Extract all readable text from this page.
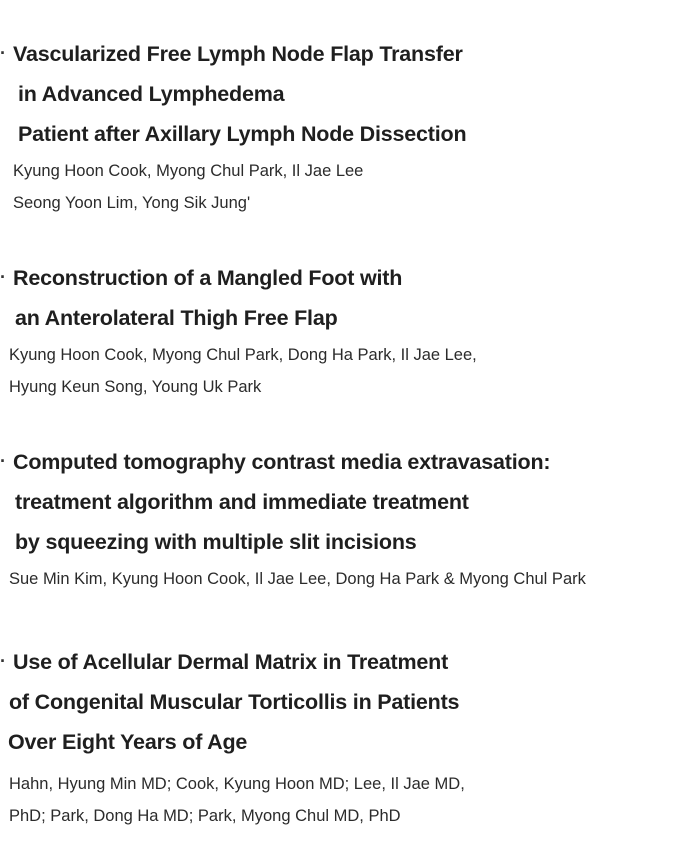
· Vascularized Free Lymph Node Flap Transfer
in Advanced Lymphedema
Patient after Axillary Lymph Node Dissection
Kyung Hoon Cook, Myong Chul Park, Il Jae Lee
Seong Yoon Lim, Yong Sik Jung'
· Reconstruction of a Mangled Foot with
an Anterolateral Thigh Free Flap
Kyung Hoon Cook, Myong Chul Park, Dong Ha Park, Il Jae Lee,
Hyung Keun Song, Young Uk Park
· Computed tomography contrast media extravasation:
treatment algorithm and immediate treatment
by squeezing with multiple slit incisions
Sue Min Kim, Kyung Hoon Cook, Il Jae Lee, Dong Ha Park & Myong Chul Park
· Use of Acellular Dermal Matrix in Treatment
of Congenital Muscular Torticollis in Patients
Over Eight Years of Age
Hahn, Hyung Min MD; Cook, Kyung Hoon MD; Lee, Il Jae MD,
PhD; Park, Dong Ha MD; Park, Myong Chul MD, PhD
